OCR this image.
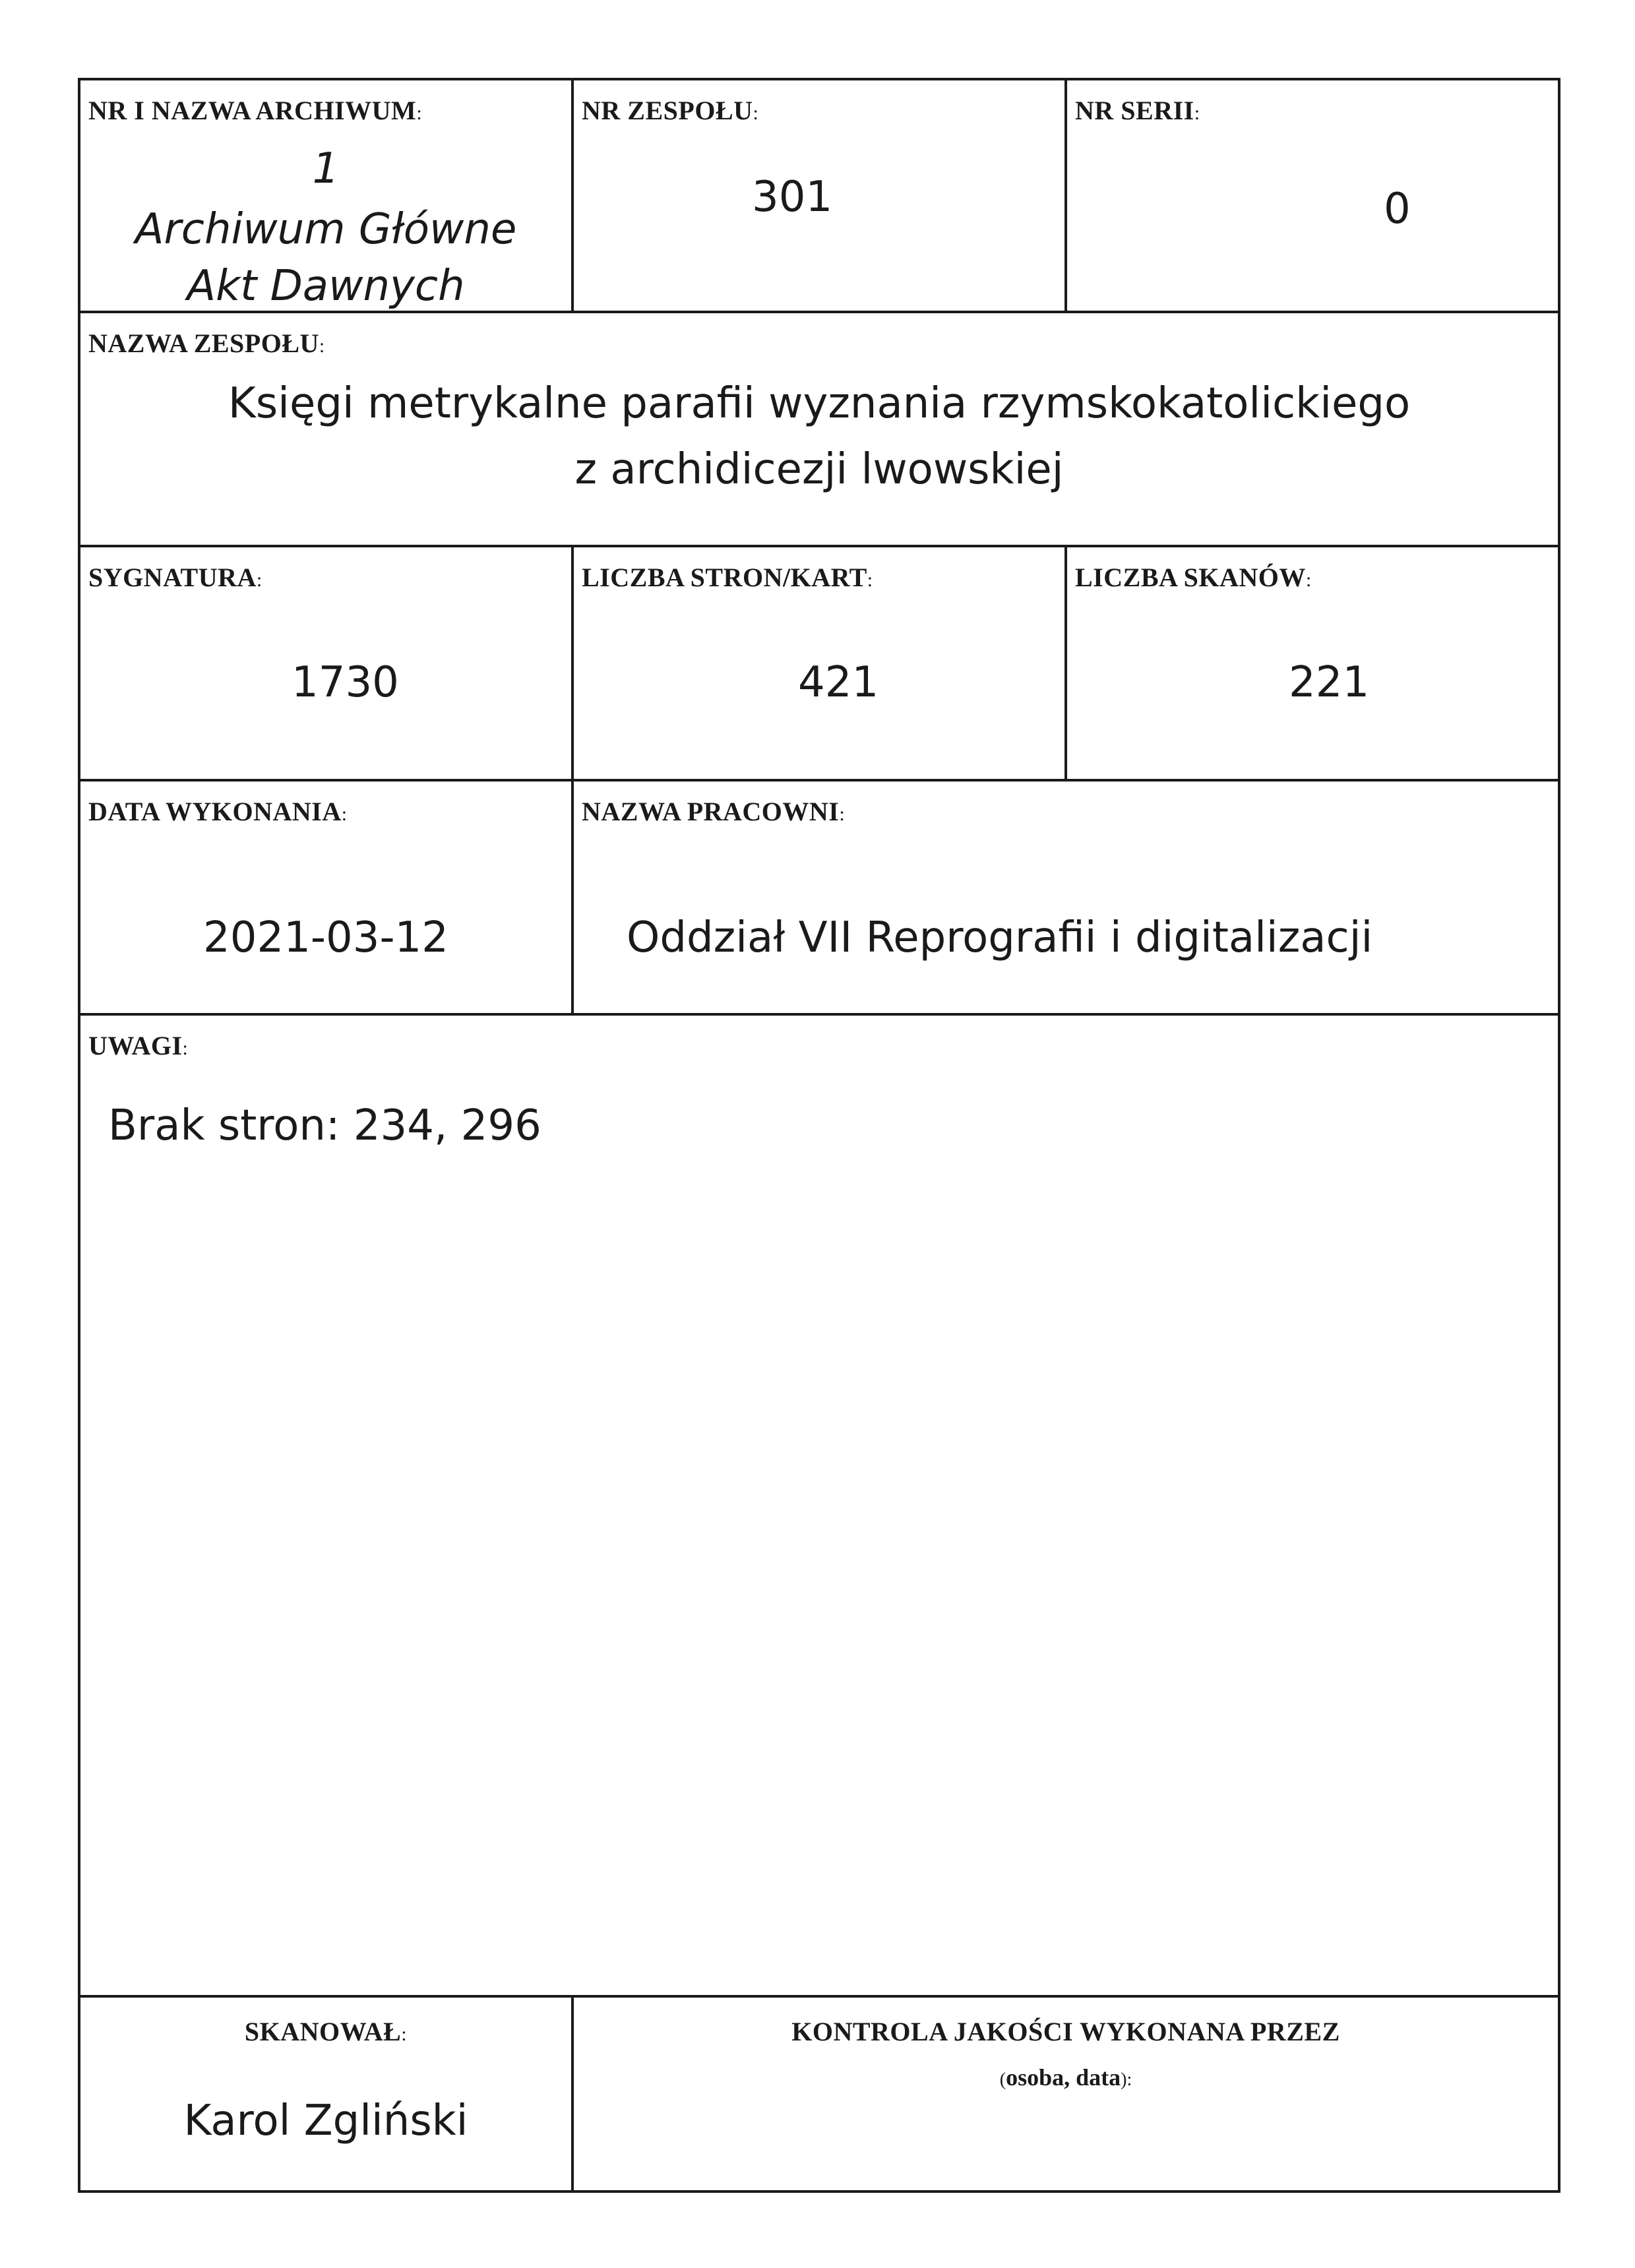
NR I NAZWA ARCHIWUM:
1
Archiwum Główne
Akt Dawnych
NR ZESPOŁU:
301
NR SERII:
0
NAZWA ZESPOŁU:
Księgi metrykalne parafii wyznania rzymskokatolickiego
z archidicezji lwowskiej
SYGNATURA:
1730
LICZBA STRON/KART:
421
LICZBA SKANÓW:
221
DATA WYKONANIA:
2021-03-12
NAZWA PRACOWNI:
Oddział VII Reprografii i digitalizacji
UWAGI:
Brak stron: 234, 296
SKANOWAŁ:
Karol Zgliński
KONTROLA JAKOŚCI WYKONANA PRZEZ
(osoba, data):
